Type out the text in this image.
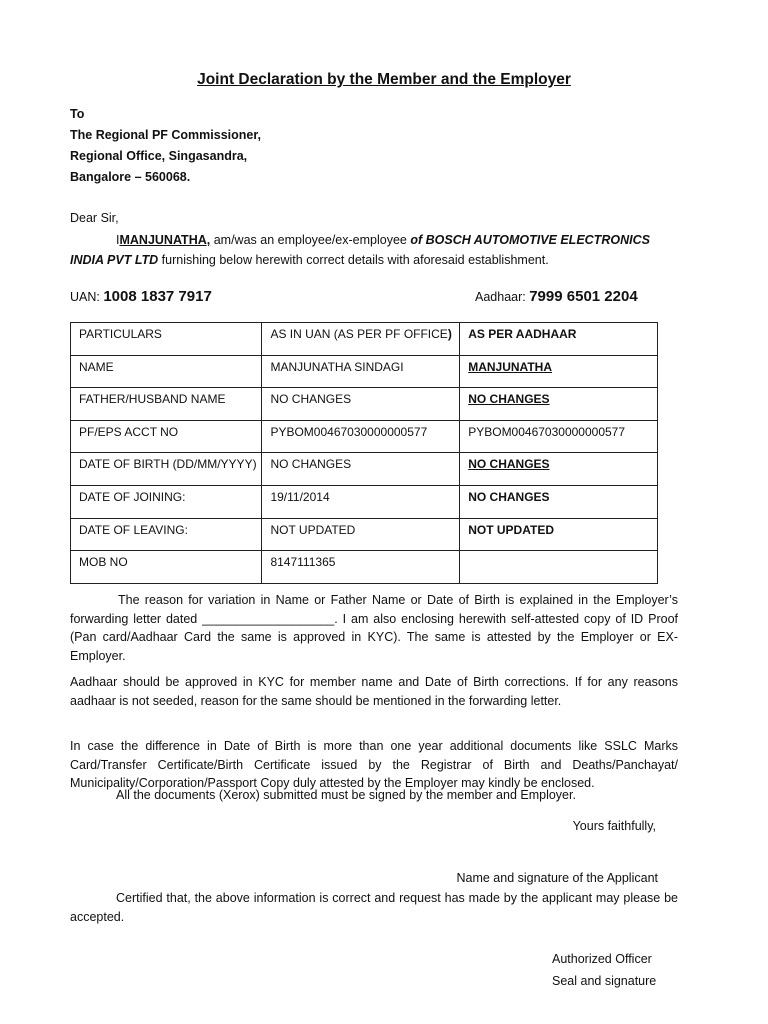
Joint Declaration by the Member and the Employer
To
The Regional PF Commissioner,
Regional Office, Singasandra,
Bangalore – 560068.
Dear Sir,
IMANJUNATHA, am/was an employee/ex-employee of BOSCH AUTOMOTIVE ELECTRONICS INDIA PVT LTD furnishing below herewith correct details with aforesaid establishment.
UAN: 1008 1837 7917	Aadhaar: 7999 6501 2204
PARTICULARS	AS IN UAN (AS PER PF OFFICE)	AS PER AADHAAR
NAME	MANJUNATHA SINDAGI	MANJUNATHA
FATHER/HUSBAND NAME	NO CHANGES	NO CHANGES
PF/EPS ACCT NO	PYBOM00467030000000577	PYBOM00467030000000577
DATE OF BIRTH (DD/MM/YYYY)	NO CHANGES	NO CHANGES
DATE OF JOINING:	19/11/2014	NO CHANGES
DATE OF LEAVING:	NOT UPDATED	NOT UPDATED
MOB NO	8147111365	
The reason for variation in Name or Father Name or Date of Birth is explained in the Employer’s forwarding letter dated ___________________. I am also enclosing herewith self-attested copy of ID Proof (Pan card/Aadhaar Card the same is approved in KYC). The same is attested by the Employer or EX-Employer.
Aadhaar should be approved in KYC for member name and Date of Birth corrections. If for any reasons aadhaar is not seeded, reason for the same should be mentioned in the forwarding letter.
In case the difference in Date of Birth is more than one year additional documents like SSLC Marks Card/Transfer Certificate/Birth Certificate issued by the Registrar of Birth and Deaths/Panchayat/ Municipality/Corporation/Passport Copy duly attested by the Employer may kindly be enclosed.
All the documents (Xerox) submitted must be signed by the member and Employer.
Yours faithfully,
Name and signature of the Applicant
Certified that, the above information is correct and request has made by the applicant may please be accepted.
Authorized Officer
Seal and signature
